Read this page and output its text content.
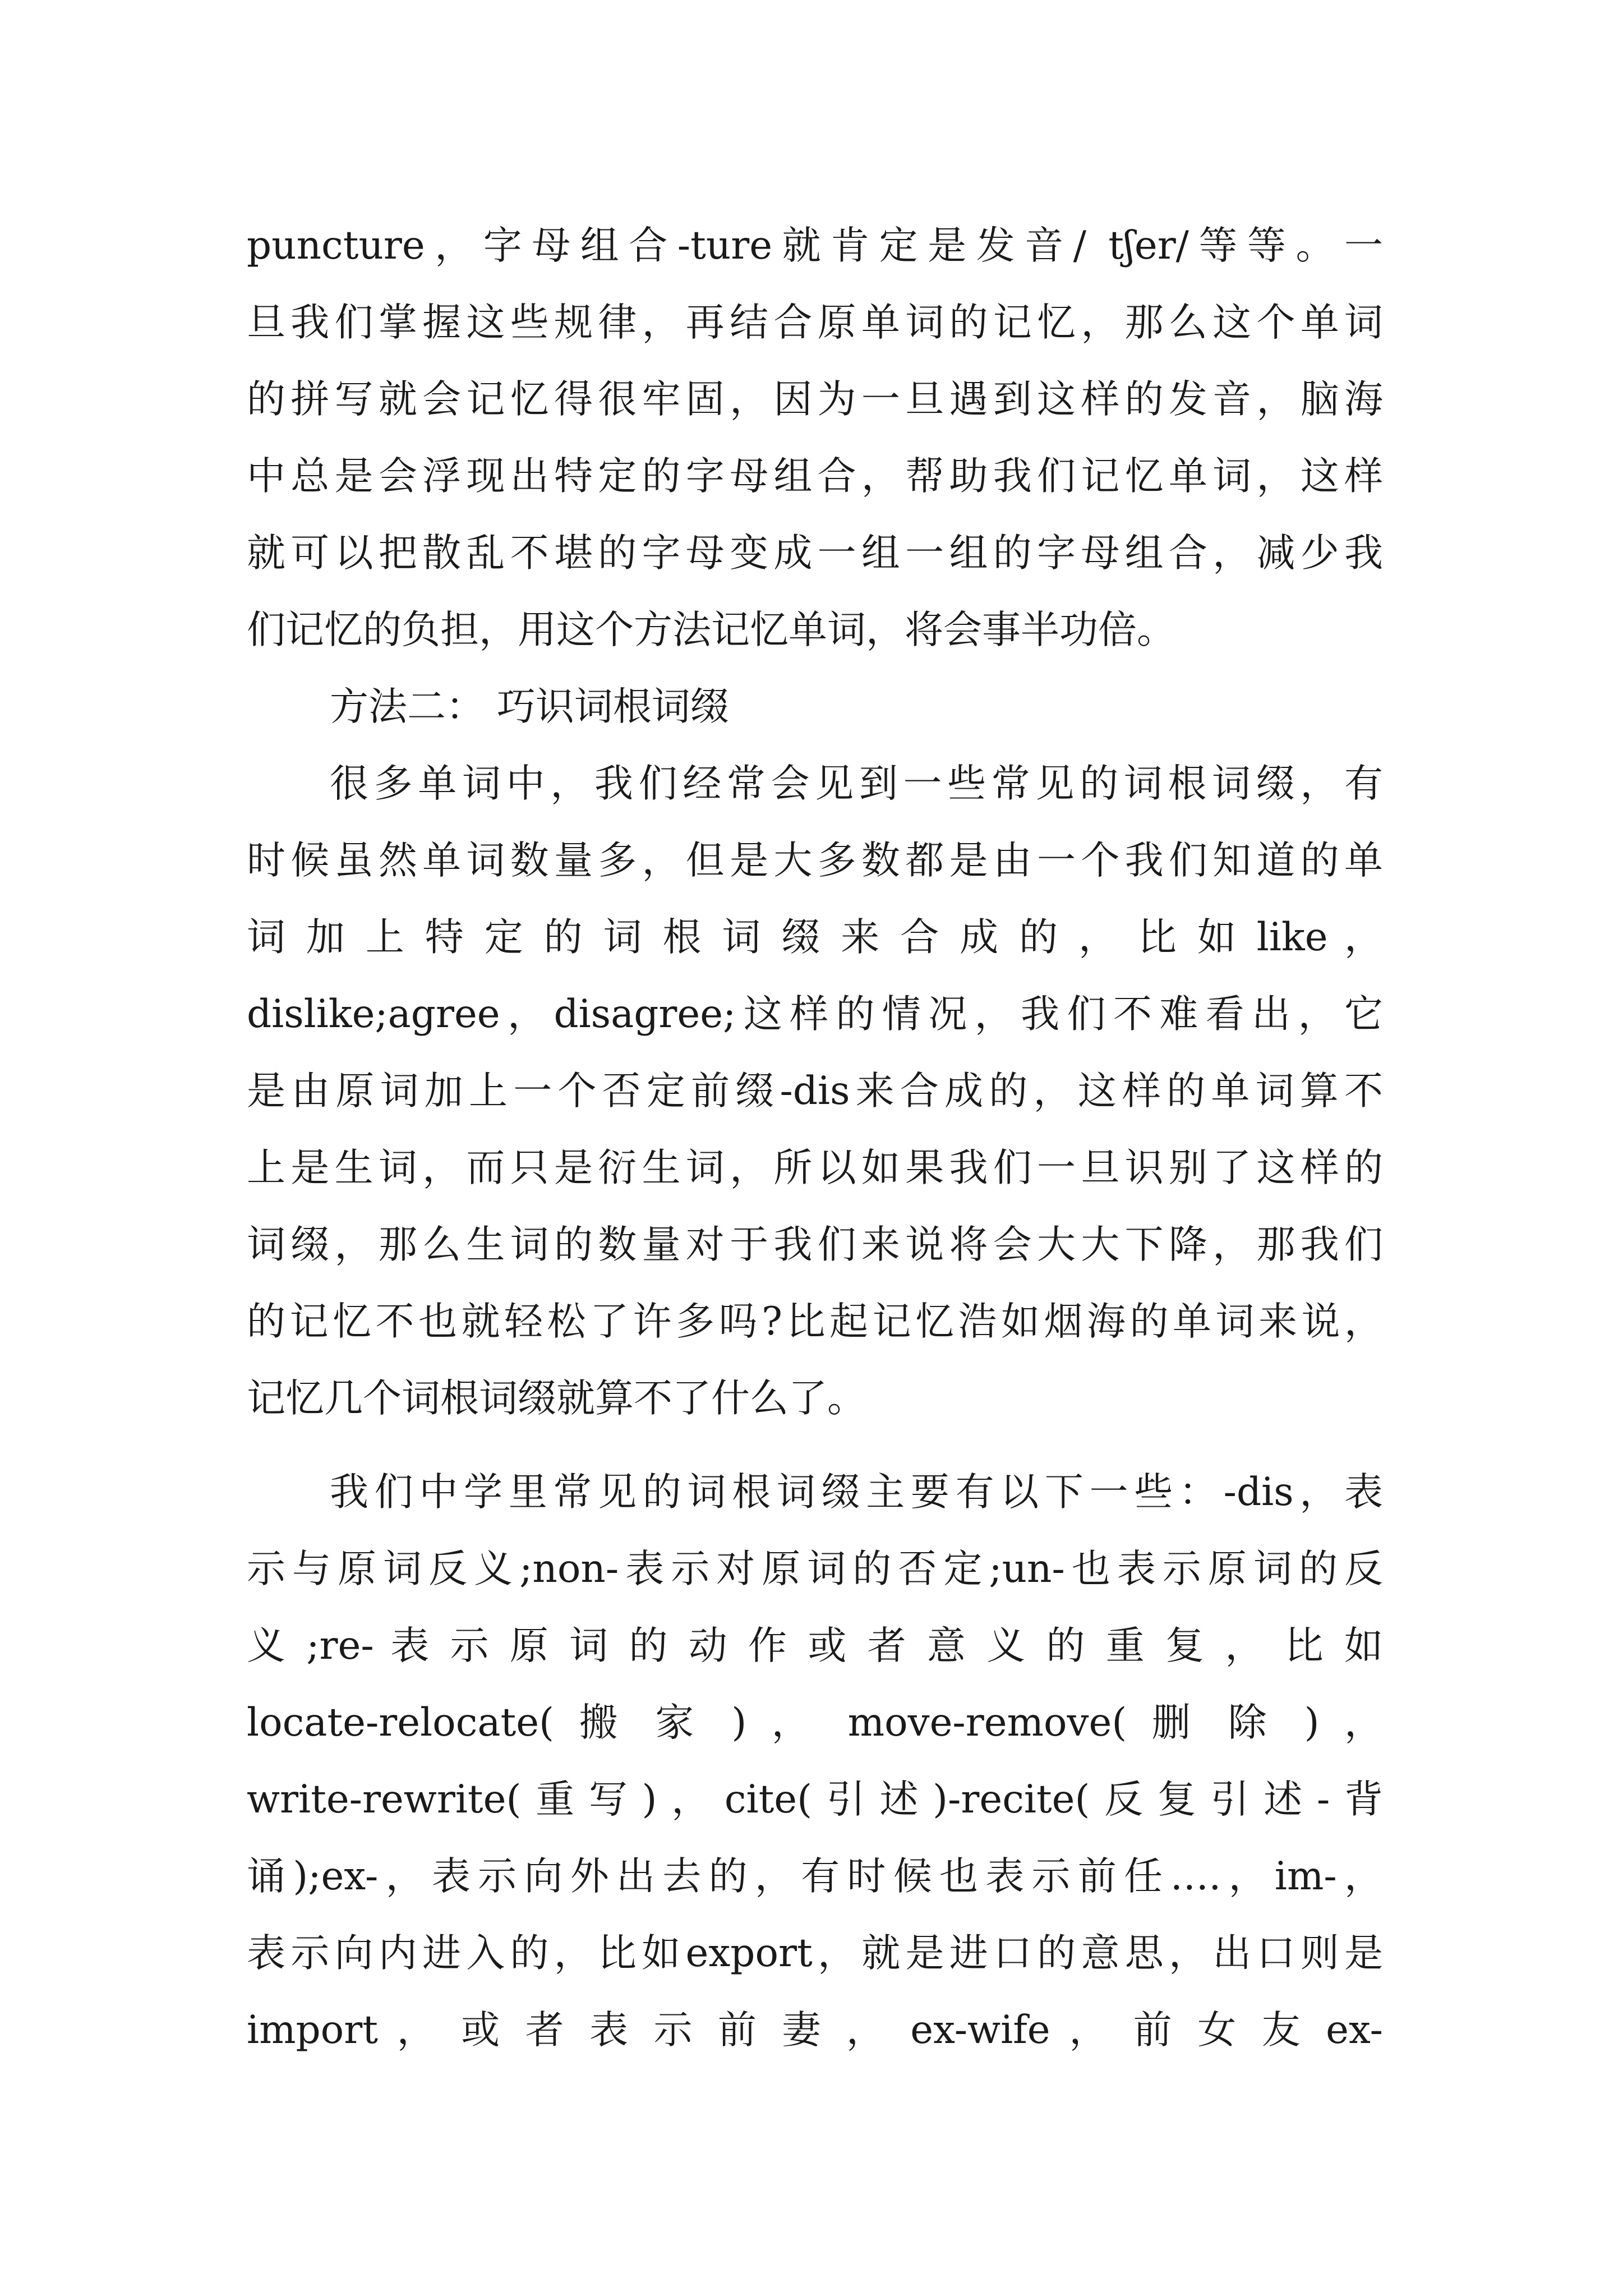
puncture，字母组合-ture就肯定是发音/ tʃer/等等。一
旦我们掌握这些规律，再结合原单词的记忆，那么这个单词
的拼写就会记忆得很牢固，因为一旦遇到这样的发音，脑海
中总是会浮现出特定的字母组合，帮助我们记忆单词，这样
就可以把散乱不堪的字母变成一组一组的字母组合，减少我
们记忆的负担，用这个方法记忆单词，将会事半功倍。
方法二： 巧识词根词缀
很多单词中，我们经常会见到一些常见的词根词缀，有
时候虽然单词数量多，但是大多数都是由一个我们知道的单
词 加 上 特 定 的 词 根 词 缀 来 合 成 的 ， 比 如 like ，
dislike;agree，disagree;这样的情况，我们不难看出，它
是由原词加上一个否定前缀-dis来合成的，这样的单词算不
上是生词，而只是衍生词，所以如果我们一旦识别了这样的
词缀，那么生词的数量对于我们来说将会大大下降，那我们
的记忆不也就轻松了许多吗?比起记忆浩如烟海的单词来说，
记忆几个词根词缀就算不了什么了。
我们中学里常见的词根词缀主要有以下一些：-dis，表
示与原词反义;non-表示对原词的否定;un-也表示原词的反
义 ;re- 表 示 原 词 的 动 作 或 者 意 义 的 重 复 ， 比 如
locate-relocate( 搬 家 ) ， move-remove( 删 除 ) ，
write-rewrite(重写)，cite(引述)-recite(反复引述-背
诵);ex-，表示向外出去的，有时候也表示前任….，im-，
表示向内进入的，比如export，就是进口的意思，出口则是
import ， 或 者 表 示 前 妻 ， ex-wife ， 前 女 友 ex-
